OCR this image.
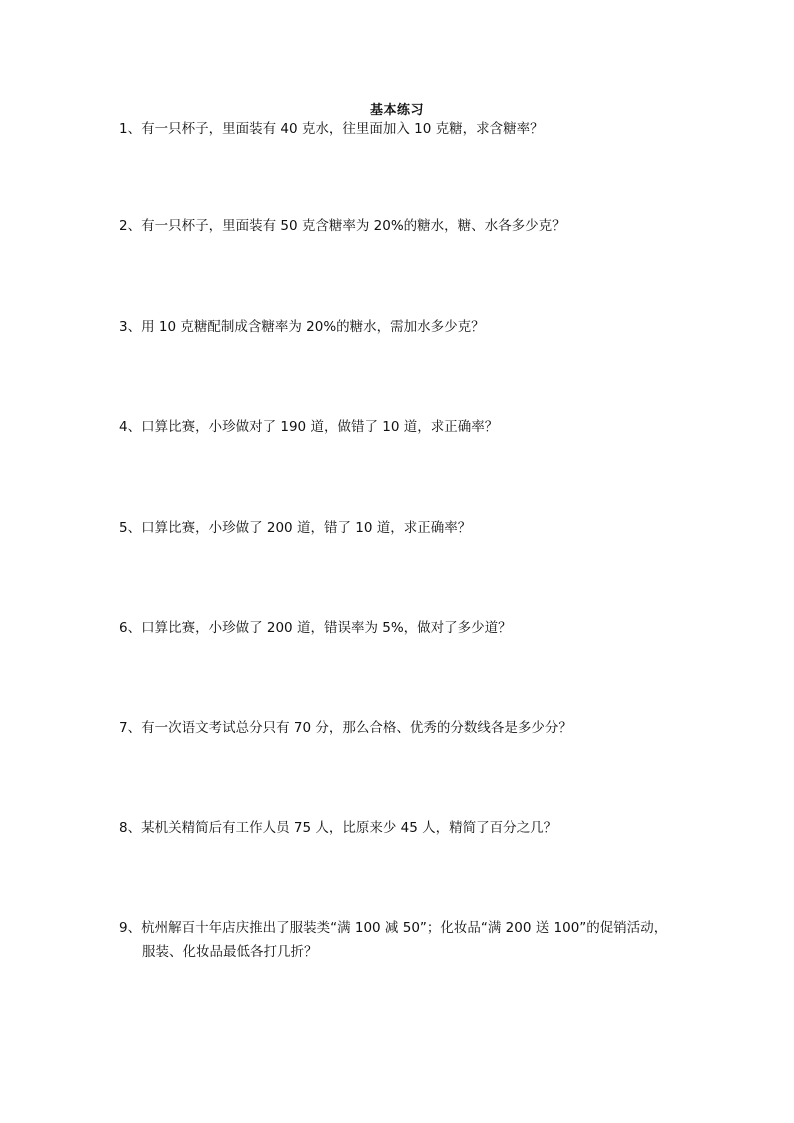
基本练习
1、有一只杯子，里面装有 40 克水，往里面加入 10 克糖，求含糖率？
2、有一只杯子，里面装有 50 克含糖率为 20%的糖水，糖、水各多少克？
3、用 10 克糖配制成含糖率为 20%的糖水，需加水多少克？
4、口算比赛，小珍做对了 190 道，做错了 10 道，求正确率？
5、口算比赛，小珍做了 200 道，错了 10 道，求正确率？
6、口算比赛，小珍做了 200 道，错误率为 5%，做对了多少道？
7、有一次语文考试总分只有 70 分，那么合格、优秀的分数线各是多少分？
8、某机关精简后有工作人员 75 人，比原来少 45 人，精简了百分之几？
9、杭州解百十年店庆推出了服装类“满 100 减 50”；化妆品“满 200 送 100”的促销活动，
服装、化妆品最低各打几折？
